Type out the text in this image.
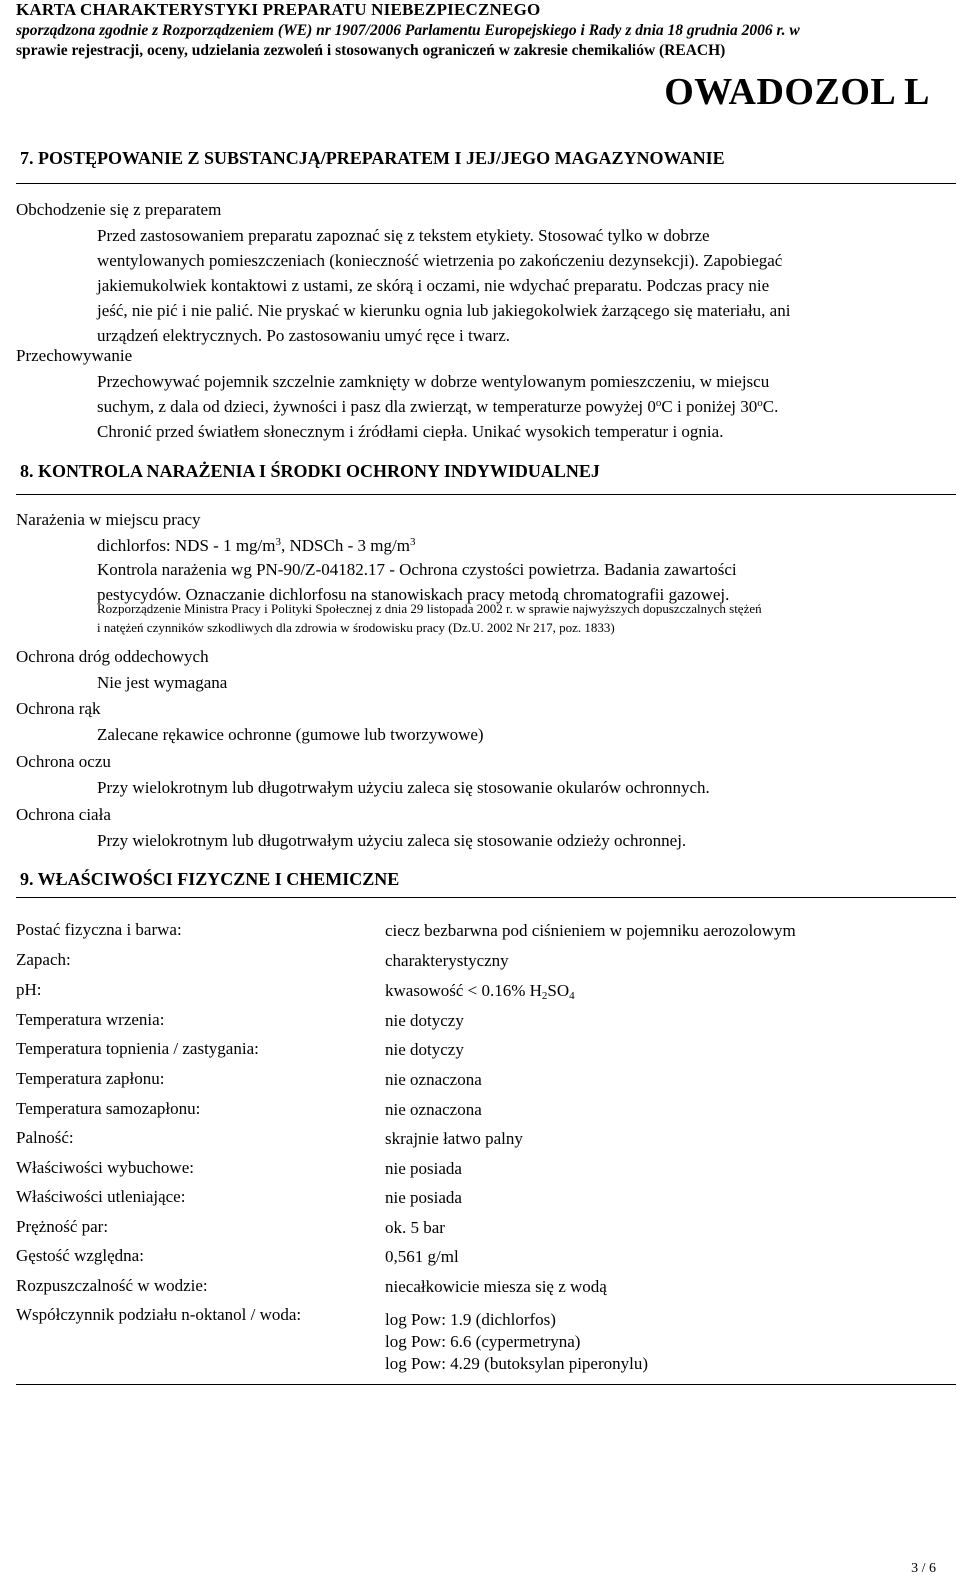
KARTA CHARAKTERYSTYKI PREPARATU NIEBEZPIECZNEGO
sporządzona zgodnie z Rozporządzeniem (WE) nr 1907/2006 Parlamentu Europejskiego i Rady z dnia 18 grudnia 2006 r. w
sprawie rejestracji, oceny, udzielania zezwoleń i stosowanych ograniczeń w zakresie chemikaliów (REACH)
OWADOZOL L
7. POSTĘPOWANIE Z SUBSTANCJĄ/PREPARATEM I JEJ/JEGO MAGAZYNOWANIE
Obchodzenie się z preparatem
Przed zastosowaniem preparatu zapoznać się z tekstem etykiety. Stosować tylko w dobrze
wentylowanych pomieszczeniach (konieczność wietrzenia po zakończeniu dezynsekcji). Zapobiegać
jakiemukolwiek kontaktowi z ustami, ze skórą i oczami, nie wdychać preparatu. Podczas pracy nie
jeść, nie pić i nie palić. Nie pryskać w kierunku ognia lub jakiegokolwiek żarzącego się materiału, ani
urządzeń elektrycznych. Po zastosowaniu umyć ręce i twarz.
Przechowywanie
Przechowywać pojemnik szczelnie zamknięty w dobrze wentylowanym pomieszczeniu, w miejscu
suchym, z dala od dzieci, żywności i pasz dla zwierząt, w temperaturze powyżej 0$^o$C i poniżej 30$^o$C.
Chronić przed światłem słonecznym i źródłami ciepła. Unikać wysokich temperatur i ognia.
8. KONTROLA NARAŻENIA I ŚRODKI OCHRONY INDYWIDUALNEJ
Narażenia w miejscu pracy
dichlorfos: NDS - 1 $mg/m^3$, NDSCh - 3 $mg/m^3$
Kontrola narażenia wg PN-90/Z-04182.17 - Ochrona czystości powietrza. Badania zawartości
pestycydów. Oznaczanie dichlorfosu na stanowiskach pracy metodą chromatografii gazowej.
Rozporządzenie Ministra Pracy i Polityki Społecznej z dnia 29 listopada 2002 r. w sprawie najwyższych dopuszczalnych stężeń
i natężeń czynników szkodliwych dla zdrowia w środowisku pracy (Dz.U. 2002 Nr 217, poz. 1833)
Ochrona dróg oddechowych
Nie jest wymagana
Ochrona rąk
Zalecane rękawice ochronne (gumowe lub tworzywowe)
Ochrona oczu
Przy wielokrotnym lub długotrwałym użyciu zaleca się stosowanie okularów ochronnych.
Ochrona ciała
Przy wielokrotnym lub długotrwałym użyciu zaleca się stosowanie odzieży ochronnej.
9. WŁAŚCIWOŚCI FIZYCZNE I CHEMICZNE
Postać fizyczna i barwa:	ciecz bezbarwna pod ciśnieniem w pojemniku aerozolowym
Zapach:	charakterystyczny
pH:	kwasowość < 0.16% $H_2SO_4$
Temperatura wrzenia:	nie dotyczy
Temperatura topnienia / zastygania:	nie dotyczy
Temperatura zapłonu:	nie oznaczona
Temperatura samozapłonu:	nie oznaczona
Palność:	skrajnie łatwo palny
Właściwości wybuchowe:	nie posiada
Właściwości utleniające:	nie posiada
Prężność par:	ok. 5 bar
Gęstość względna:	0,561 g/ml
Rozpuszczalność w wodzie:	niecałkowicie miesza się z wodą
Współczynnik podziału n-oktanol / woda:	log Pow: 1.9 (dichlorfos)
log Pow: 6.6 (cypermetryna)
log Pow: 4.29 (butoksylan piperonylu)
3 / 6
